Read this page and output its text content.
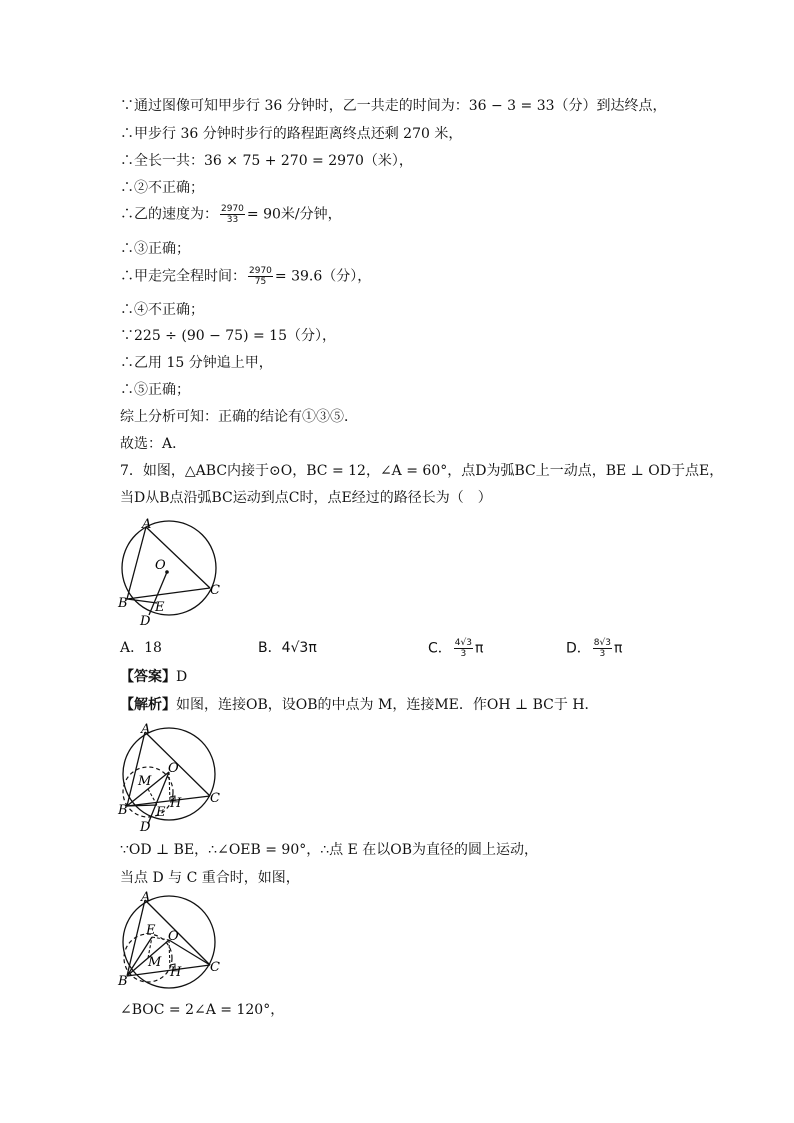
∵通过图像可知甲步行 36 分钟时，乙一共走的时间为：36 − 3 = 33（分）到达终点，
∴甲步行 36 分钟时步行的路程距离终点还剩 270 米，
∴全长一共：36 × 75 + 270 = 2970（米），
∴②不正确；
∴乙的速度为： $\frac{2970}{33} = 90$米/分钟，
∴③正确；
∴甲走完全程时间： $\frac{2970}{75} = 39.6$（分），
∴④不正确；
∵225 ÷ (90 − 75) = 15（分），
∴乙用 15 分钟追上甲，
∴⑤正确；
综上分析可知：正确的结论有①③⑤．
故选：A．
7．如图，△ABC内接于⊙O，BC = 12，∠A = 60°，点D为弧BC上一动点，BE ⊥ OD于点E，
当D从B点沿弧BC运动到点C时，点E经过的路径长为（　）
A
O
C
B E
D
A．18	B．4√3π	C． $\frac{4√3}{3}$ π	D． $\frac{8√3}{3}$ π
【答案】D
【解析】如图，连接OB，设OB的中点为 M，连接ME．作OH ⊥ BC于 H．
A
O
M
H C
B E
D
∵OD ⊥ BE，∴∠OEB = 90°，∴点 E 在以OB为直径的圆上运动，
当点 D 与 C 重合时，如图，
A
E O
M
H C
B
∠BOC = 2∠A = 120°，
